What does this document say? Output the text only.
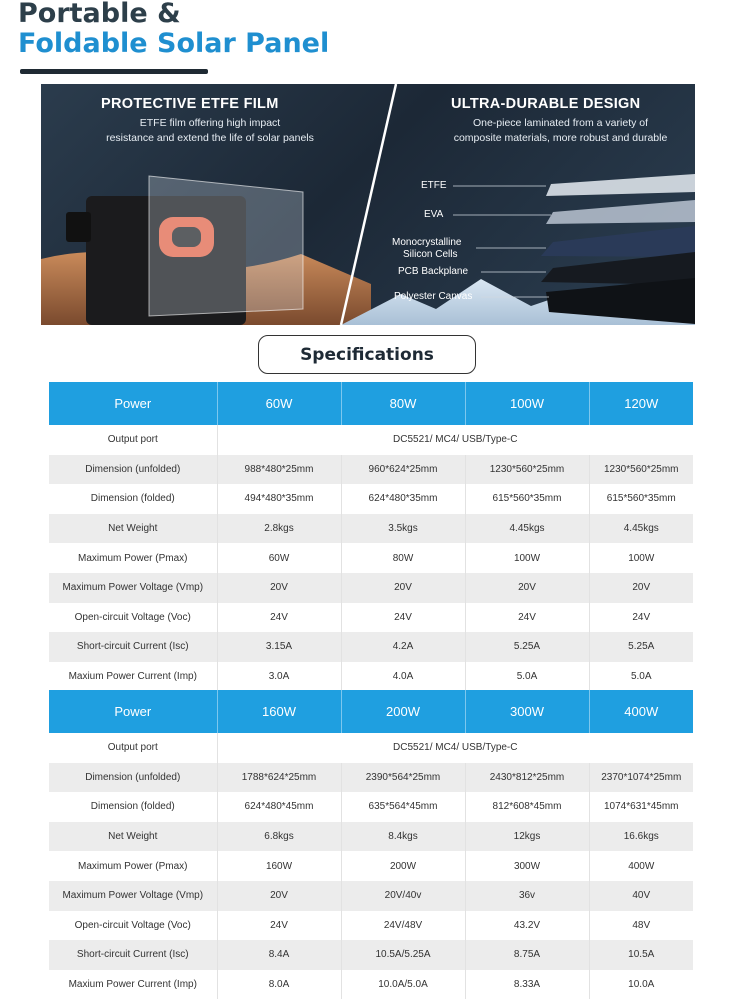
Portable &
Foldable Solar Panel
PROTECTIVE ETFE FILM
ETFE film offering high impact
resistance and extend the life of solar panels
ULTRA-DURABLE DESIGN
One-piece laminated from a variety of
composite materials, more robust and durable
ETFE
EVA
Monocrystalline
Silicon Cells
PCB Backplane
Polyester Canvas
Specifications
Power	60W	80W	100W	120W
Output port	DC5521/ MC4/ USB/Type-C			
Dimension (unfolded)	988*480*25mm	960*624*25mm	1230*560*25mm	1230*560*25mm
Dimension (folded)	494*480*35mm	624*480*35mm	615*560*35mm	615*560*35mm
Net Weight	2.8kgs	3.5kgs	4.45kgs	4.45kgs
Maximum Power (Pmax)	60W	80W	100W	100W
Maximum Power Voltage (Vmp)	20V	20V	20V	20V
Open-circuit Voltage (Voc)	24V	24V	24V	24V
Short-circuit Current (Isc)	3.15A	4.2A	5.25A	5.25A
Maxium Power Current (Imp)	3.0A	4.0A	5.0A	5.0A
Power	160W	200W	300W	400W
Output port	DC5521/ MC4/ USB/Type-C			
Dimension (unfolded)	1788*624*25mm	2390*564*25mm	2430*812*25mm	2370*1074*25mm
Dimension (folded)	624*480*45mm	635*564*45mm	812*608*45mm	1074*631*45mm
Net Weight	6.8kgs	8.4kgs	12kgs	16.6kgs
Maximum Power (Pmax)	160W	200W	300W	400W
Maximum Power Voltage (Vmp)	20V	20V/40v	36v	40V
Open-circuit Voltage (Voc)	24V	24V/48V	43.2V	48V
Short-circuit Current (Isc)	8.4A	10.5A/5.25A	8.75A	10.5A
Maxium Power Current (Imp)	8.0A	10.0A/5.0A	8.33A	10.0A
